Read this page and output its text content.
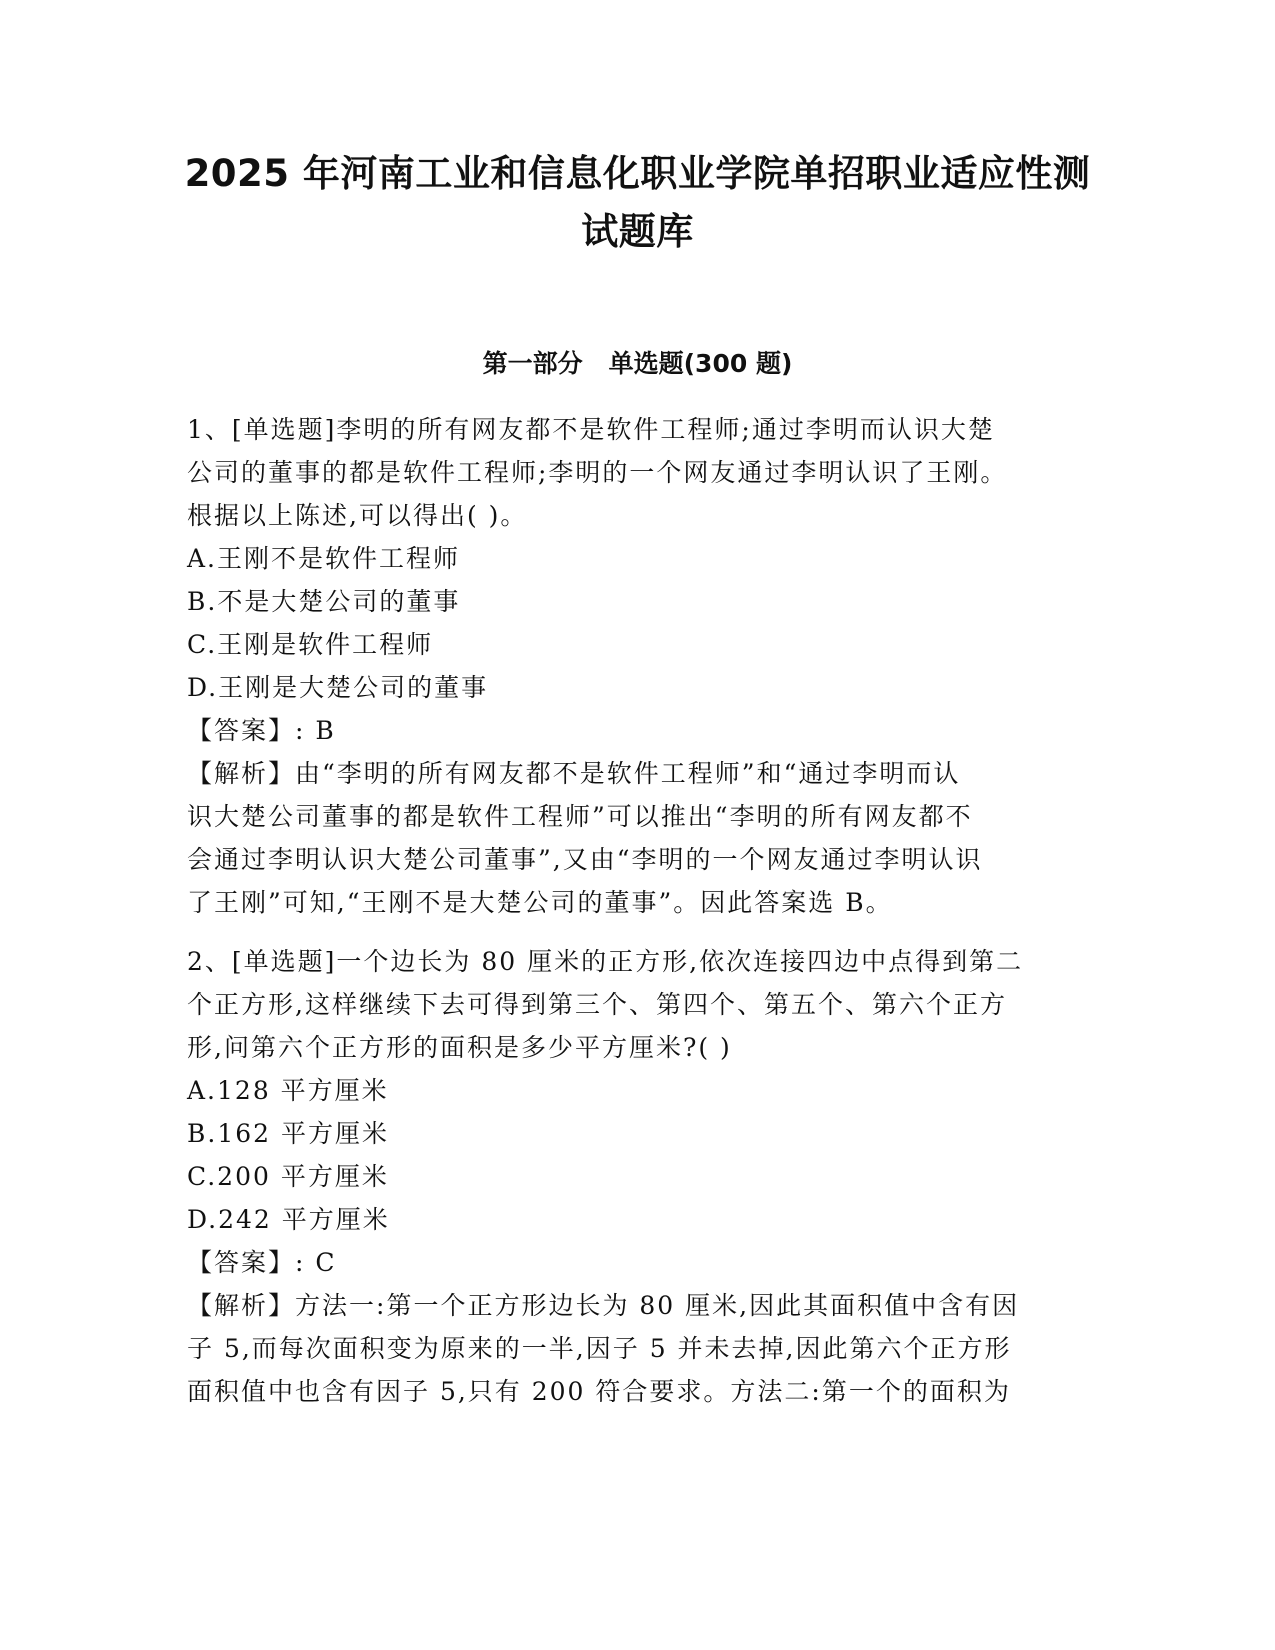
2025 年河南工业和信息化职业学院单招职业适应性测
试题库
第一部分 单选题(300 题)
1、[单选题]李明的所有网友都不是软件工程师;通过李明而认识大楚
公司的董事的都是软件工程师;李明的一个网友通过李明认识了王刚。
根据以上陈述,可以得出( )。
A.王刚不是软件工程师
B.不是大楚公司的董事
C.王刚是软件工程师
D.王刚是大楚公司的董事
【答案】: B
【解析】由“李明的所有网友都不是软件工程师”和“通过李明而认
识大楚公司董事的都是软件工程师”可以推出“李明的所有网友都不
会通过李明认识大楚公司董事”,又由“李明的一个网友通过李明认识
了王刚”可知,“王刚不是大楚公司的董事”。因此答案选 B。
2、[单选题]一个边长为 80 厘米的正方形,依次连接四边中点得到第二
个正方形,这样继续下去可得到第三个、第四个、第五个、第六个正方
形,问第六个正方形的面积是多少平方厘米?( )
A.128 平方厘米
B.162 平方厘米
C.200 平方厘米
D.242 平方厘米
【答案】: C
【解析】方法一:第一个正方形边长为 80 厘米,因此其面积值中含有因
子 5,而每次面积变为原来的一半,因子 5 并未去掉,因此第六个正方形
面积值中也含有因子 5,只有 200 符合要求。方法二:第一个的面积为
